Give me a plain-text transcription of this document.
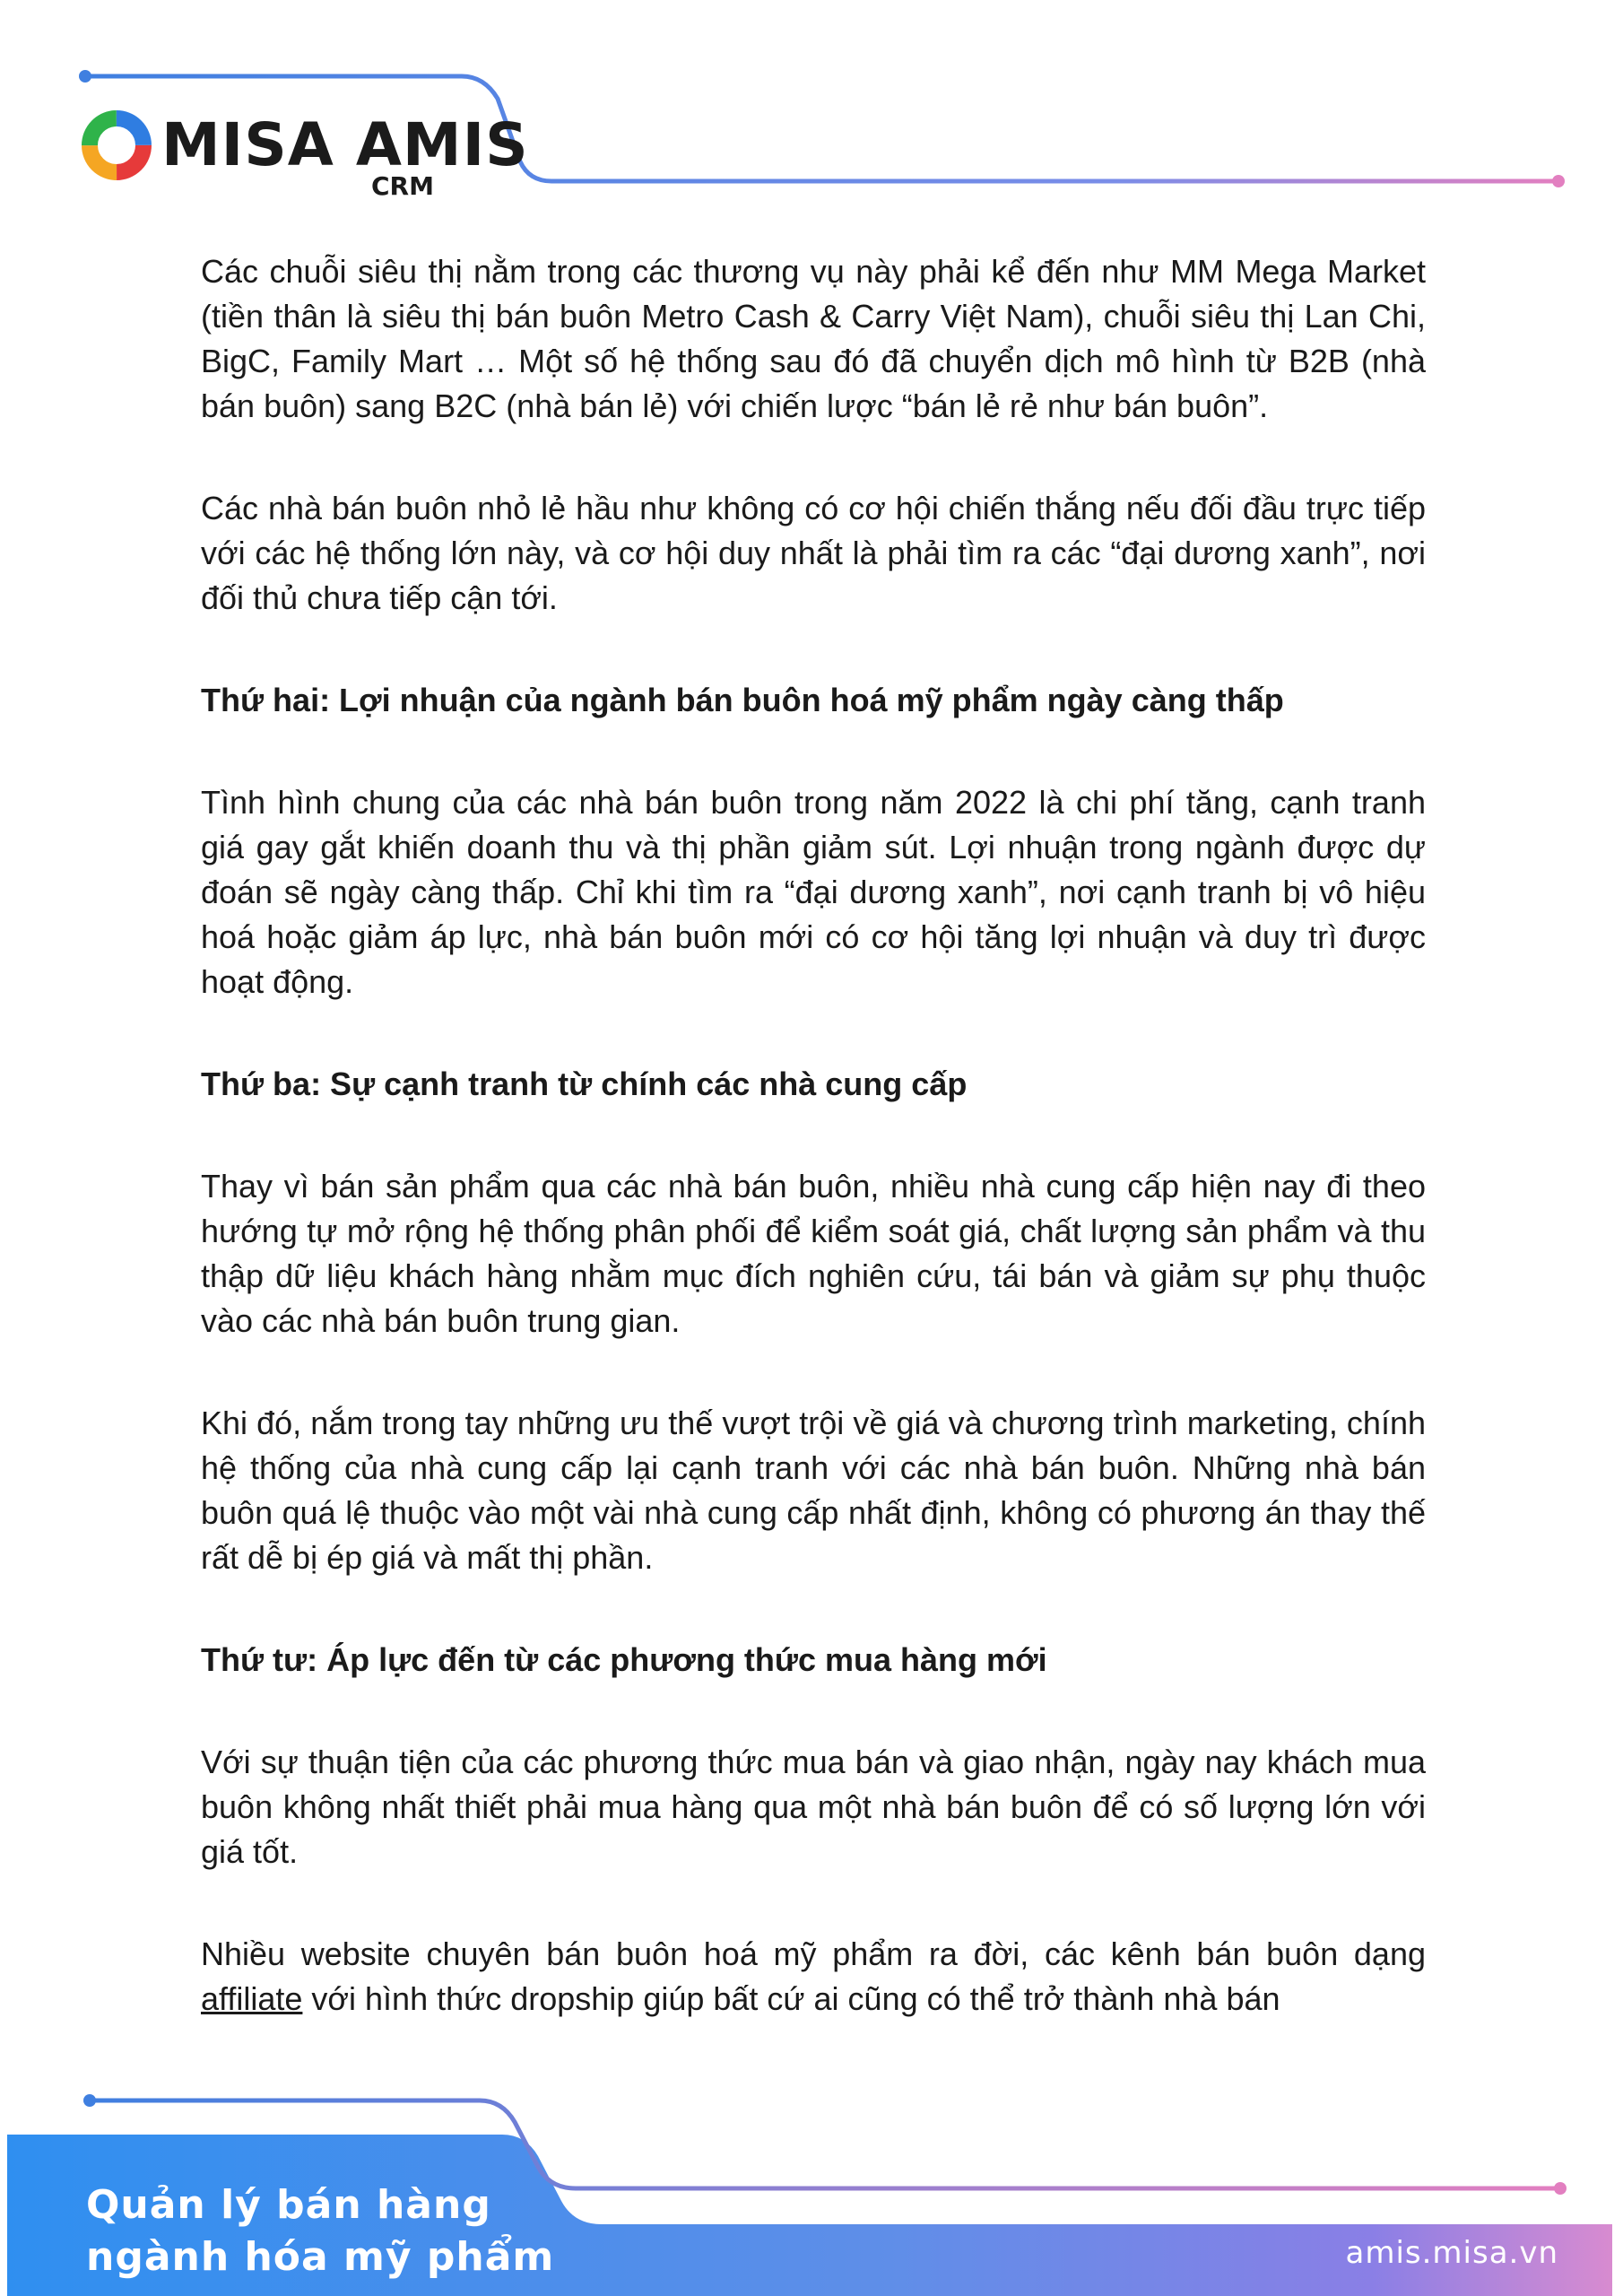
MISA AMIS
CRM

Các chuỗi siêu thị nằm trong các thương vụ này phải kể đến như MM Mega Market (tiền thân là siêu thị bán buôn Metro Cash & Carry Việt Nam), chuỗi siêu thị Lan Chi, BigC, Family Mart … Một số hệ thống sau đó đã chuyển dịch mô hình từ B2B (nhà bán buôn) sang B2C (nhà bán lẻ) với chiến lược “bán lẻ rẻ như bán buôn”.

Các nhà bán buôn nhỏ lẻ hầu như không có cơ hội chiến thắng nếu đối đầu trực tiếp với các hệ thống lớn này, và cơ hội duy nhất là phải tìm ra các “đại dương xanh”, nơi đối thủ chưa tiếp cận tới.

Thứ hai: Lợi nhuận của ngành bán buôn hoá mỹ phẩm ngày càng thấp

Tình hình chung của các nhà bán buôn trong năm 2022 là chi phí tăng, cạnh tranh giá gay gắt khiến doanh thu và thị phần giảm sút. Lợi nhuận trong ngành được dự đoán sẽ ngày càng thấp. Chỉ khi tìm ra “đại dương xanh”, nơi cạnh tranh bị vô hiệu hoá hoặc giảm áp lực, nhà bán buôn mới có cơ hội tăng lợi nhuận và duy trì được hoạt động.

Thứ ba: Sự cạnh tranh từ chính các nhà cung cấp

Thay vì bán sản phẩm qua các nhà bán buôn, nhiều nhà cung cấp hiện nay đi theo hướng tự mở rộng hệ thống phân phối để kiểm soát giá, chất lượng sản phẩm và thu thập dữ liệu khách hàng nhằm mục đích nghiên cứu, tái bán và giảm sự phụ thuộc vào các nhà bán buôn trung gian.

Khi đó, nắm trong tay những ưu thế vượt trội về giá và chương trình marketing, chính hệ thống của nhà cung cấp lại cạnh tranh với các nhà bán buôn. Những nhà bán buôn quá lệ thuộc vào một vài nhà cung cấp nhất định, không có phương án thay thế rất dễ bị ép giá và mất thị phần.

Thứ tư: Áp lực đến từ các phương thức mua hàng mới

Với sự thuận tiện của các phương thức mua bán và giao nhận, ngày nay khách mua buôn không nhất thiết phải mua hàng qua một nhà bán buôn để có số lượng lớn với giá tốt.

Nhiều website chuyên bán buôn hoá mỹ phẩm ra đời, các kênh bán buôn dạng affiliate với hình thức dropship giúp bất cứ ai cũng có thể trở thành nhà bán

Quản lý bán hàng
ngành hóa mỹ phẩm	amis.misa.vn
